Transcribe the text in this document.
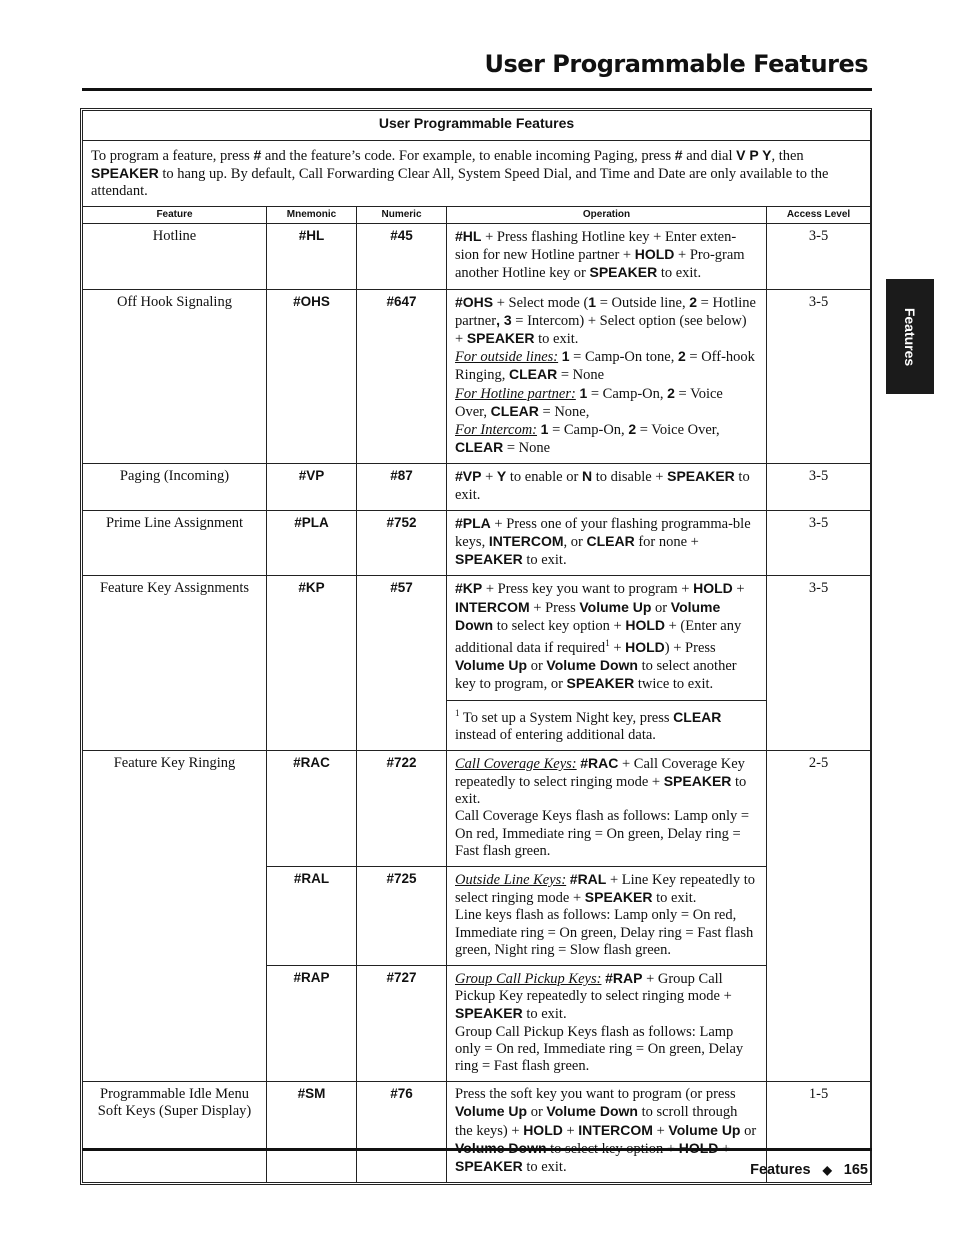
User Programmable Features
Features
User Programmable Features				
To program a feature, press # and the feature’s code. For example, to enable incoming Paging, press # and dial V P Y, then SPEAKER to hang up. By default, Call Forwarding Clear All, System Speed Dial, and Time and Date are only available to the attendant.				
Feature	Mnemonic	Numeric	Operation	Access Level
Hotline	#HL	#45	#HL + Press flashing Hotline key + Enter exten-sion for new Hotline partner + HOLD + Pro-gram another Hotline key or SPEAKER to exit.	3-5
Off Hook Signaling	#OHS	#647	#OHS + Select mode (1 = Outside line, 2 = Hotline partner, 3 = Intercom) + Select option (see below) + SPEAKER to exit.
For outside lines: 1 = Camp-On tone, 2 = Off-hook Ringing, CLEAR = None
For Hotline partner: 1 = Camp-On, 2 = Voice Over, CLEAR = None,
For Intercom: 1 = Camp-On, 2 = Voice Over, CLEAR = None	3-5
Paging (Incoming)	#VP	#87	#VP + Y to enable or N to disable + SPEAKER to exit.	3-5
Prime Line Assignment	#PLA	#752	#PLA + Press one of your flashing programma-ble keys, INTERCOM, or CLEAR for none + SPEAKER to exit.	3-5
Feature Key Assignments	#KP	#57	#KP + Press key you want to program + HOLD + INTERCOM + Press Volume Up or Volume Down to select key option + HOLD + (Enter any additional data if required$^1$ + HOLD) + Press Volume Up or Volume Down to select another key to program, or SPEAKER twice to exit.	3-5
			$^1$ To set up a System Night key, press CLEAR instead of entering additional data.	
Feature Key Ringing	#RAC	#722	Call Coverage Keys: #RAC + Call Coverage Key repeatedly to select ringing mode + SPEAKER to exit.
Call Coverage Keys flash as follows: Lamp only = On red, Immediate ring = On green, Delay ring = Fast flash green.	2-5
	#RAL	#725	Outside Line Keys: #RAL + Line Key repeatedly to select ringing mode + SPEAKER to exit.
Line keys flash as follows: Lamp only = On red, Immediate ring = On green, Delay ring = Fast flash green, Night ring = Slow flash green.	
	#RAP	#727	Group Call Pickup Keys: #RAP + Group Call Pickup Key repeatedly to select ringing mode + SPEAKER to exit.
Group Call Pickup Keys flash as follows: Lamp only = On red, Immediate ring = On green, Delay ring = Fast flash green.	
Programmable Idle Menu Soft Keys (Super Display)	#SM	#76	Press the soft key you want to program (or press Volume Up or Volume Down to scroll through the keys) + HOLD + INTERCOM + Volume Up or SPEAKER to exit.	1-5
Features ◆ 165
